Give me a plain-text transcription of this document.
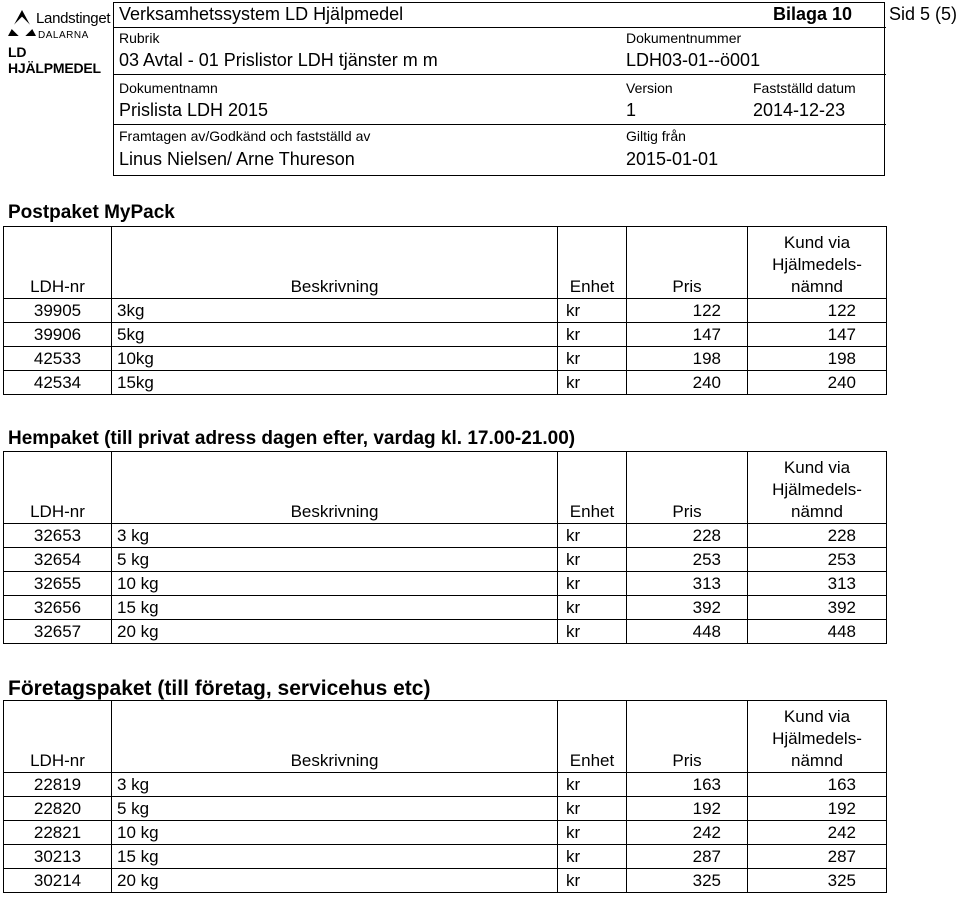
Landstinget
DALARNA
LD HJÄLPMEDEL
Verksamhetssystem LD Hjälpmedel	Bilaga 10 Sid 5 (5)
Rubrik
03 Avtal - 01 Prislistor LDH tjänster m m
Dokumentnummer
LDH03-01--ö001
Dokumentnamn
Prislista LDH 2015
Version
1
Fastställd datum
2014-12-23
Framtagen av/Godkänd och fastställd av
Linus Nielsen/ Arne Thureson
Giltig från
2015-01-01
Postpaket MyPack
LDH-nr	Beskrivning	Enhet	Pris	Kund via
Hjälmedels-
nämnd
39905	3kg	kr	122	122
39906	5kg	kr	147	147
42533	10kg	kr	198	198
42534	15kg	kr	240	240
Hempaket (till privat adress dagen efter, vardag kl. 17.00-21.00)
LDH-nr	Beskrivning	Enhet	Pris	Kund via
Hjälmedels-
nämnd
32653	3 kg	kr	228	228
32654	5 kg	kr	253	253
32655	10 kg	kr	313	313
32656	15 kg	kr	392	392
32657	20 kg	kr	448	448
Företagspaket (till företag, servicehus etc)
LDH-nr	Beskrivning	Enhet	Pris	Kund via
Hjälmedels-
nämnd
22819	3 kg	kr	163	163
22820	5 kg	kr	192	192
22821	10 kg	kr	242	242
30213	15 kg	kr	287	287
30214	20 kg	kr	325	325
